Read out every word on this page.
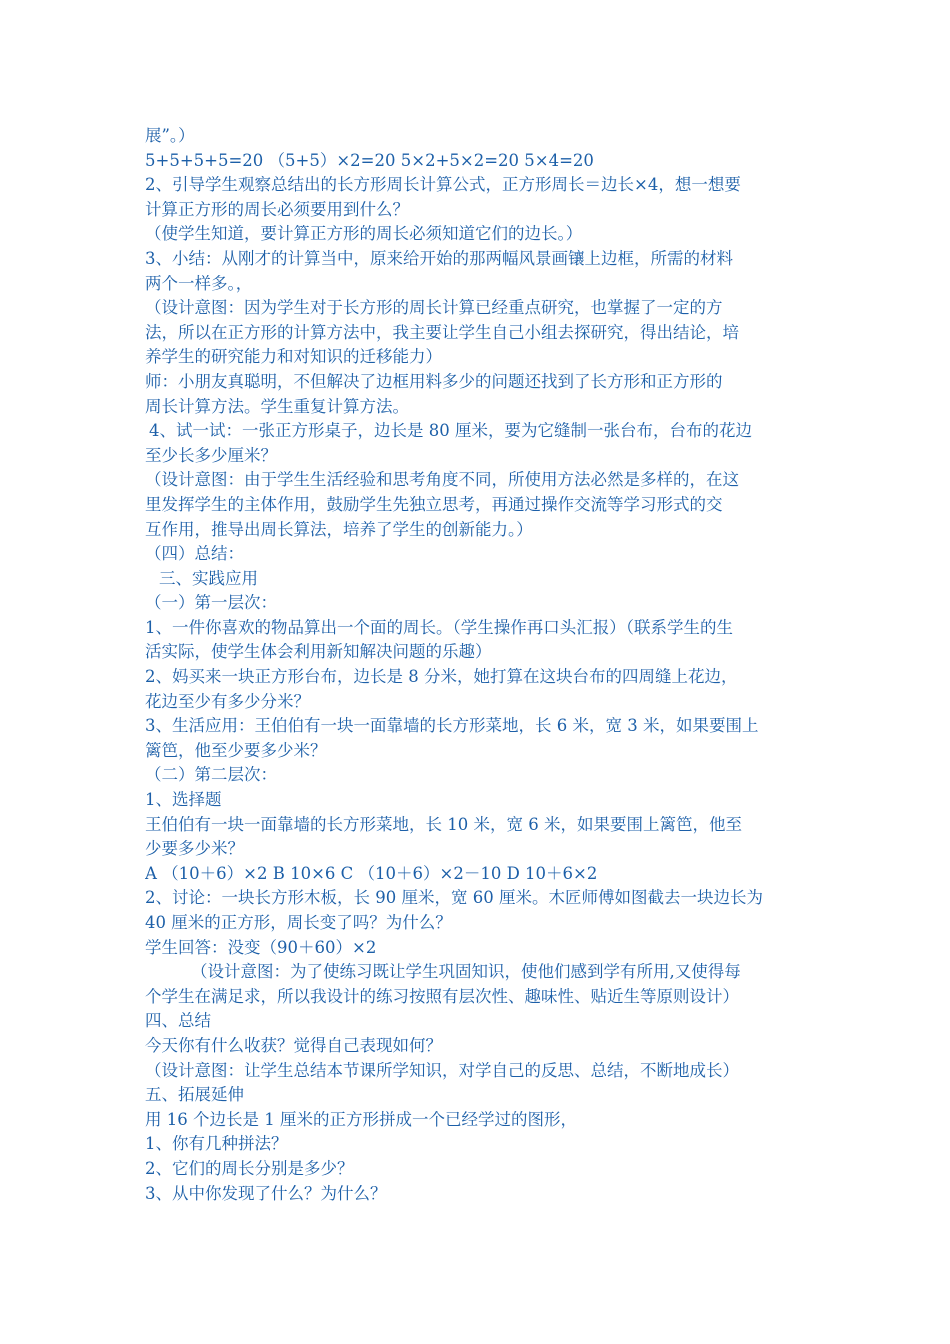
展”。）
5+5+5+5=20 （5+5）×2=20 5×2+5×2=20 5×4=20
2、引导学生观察总结出的长方形周长计算公式，正方形周长＝边长×4，想一想要
计算正方形的周长必须要用到什么？
（使学生知道，要计算正方形的周长必须知道它们的边长。）
3、小结：从刚才的计算当中，原来给开始的那两幅风景画镶上边框，所需的材料
两个一样多。，
（设计意图：因为学生对于长方形的周长计算已经重点研究，也掌握了一定的方
法，所以在正方形的计算方法中，我主要让学生自己小组去探研究，得出结论，培
养学生的研究能力和对知识的迁移能力）
师：小朋友真聪明，不但解决了边框用料多少的问题还找到了长方形和正方形的
周长计算方法。学生重复计算方法。
4、试一试：一张正方形桌子，边长是 80 厘米，要为它缝制一张台布，台布的花边
至少长多少厘米？
（设计意图：由于学生生活经验和思考角度不同，所使用方法必然是多样的，在这
里发挥学生的主体作用，鼓励学生先独立思考，再通过操作交流等学习形式的交
互作用，推导出周长算法，培养了学生的创新能力。）
（四）总结：
三、实践应用
（一）第一层次：
1、一件你喜欢的物品算出一个面的周长。（学生操作再口头汇报）（联系学生的生
活实际，使学生体会利用新知解决问题的乐趣）
2、妈买来一块正方形台布，边长是 8 分米，她打算在这块台布的四周缝上花边，
花边至少有多少分米？
3、生活应用：王伯伯有一块一面靠墙的长方形菜地，长 6 米，宽 3 米，如果要围上
篱笆，他至少要多少米？
（二）第二层次：
1、选择题
王伯伯有一块一面靠墙的长方形菜地，长 10 米，宽 6 米，如果要围上篱笆，他至
少要多少米？
A （10＋6）×2 B 10×6 C （10＋6）×2－10 D 10＋6×2
2、讨论：一块长方形木板，长 90 厘米，宽 60 厘米。木匠师傅如图截去一块边长为
40 厘米的正方形，周长变了吗？为什么？
学生回答：没变（90＋60）×2
（设计意图：为了使练习既让学生巩固知识，使他们感到学有所用,又使得每
个学生在满足求，所以我设计的练习按照有层次性、趣味性、贴近生等原则设计）
四、总结
今天你有什么收获？觉得自己表现如何？
（设计意图：让学生总结本节课所学知识，对学自己的反思、总结，不断地成长）
五、拓展延伸
用 16 个边长是 1 厘米的正方形拼成一个已经学过的图形，
1、你有几种拼法？
2、它们的周长分别是多少？
3、从中你发现了什么？为什么？
